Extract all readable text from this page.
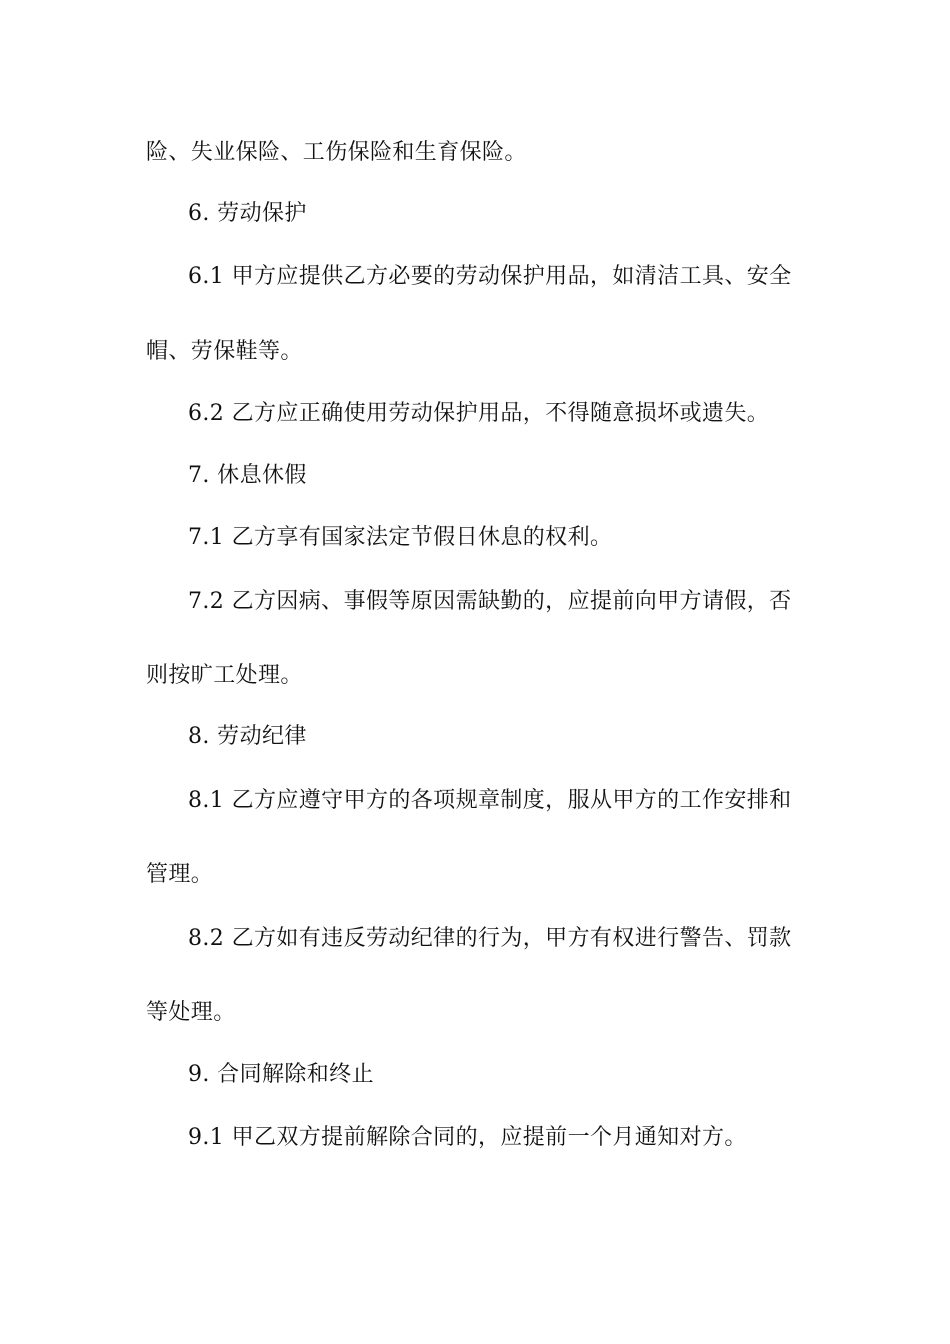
险、失业保险、工伤保险和生育保险。
6. 劳动保护
6.1 甲方应提供乙方必要的劳动保护用品，如清洁工具、安全
帽、劳保鞋等。
6.2 乙方应正确使用劳动保护用品，不得随意损坏或遗失。
7. 休息休假
7.1 乙方享有国家法定节假日休息的权利。
7.2 乙方因病、事假等原因需缺勤的，应提前向甲方请假，否
则按旷工处理。
8. 劳动纪律
8.1 乙方应遵守甲方的各项规章制度，服从甲方的工作安排和
管理。
8.2 乙方如有违反劳动纪律的行为，甲方有权进行警告、罚款
等处理。
9. 合同解除和终止
9.1 甲乙双方提前解除合同的，应提前一个月通知对方。
